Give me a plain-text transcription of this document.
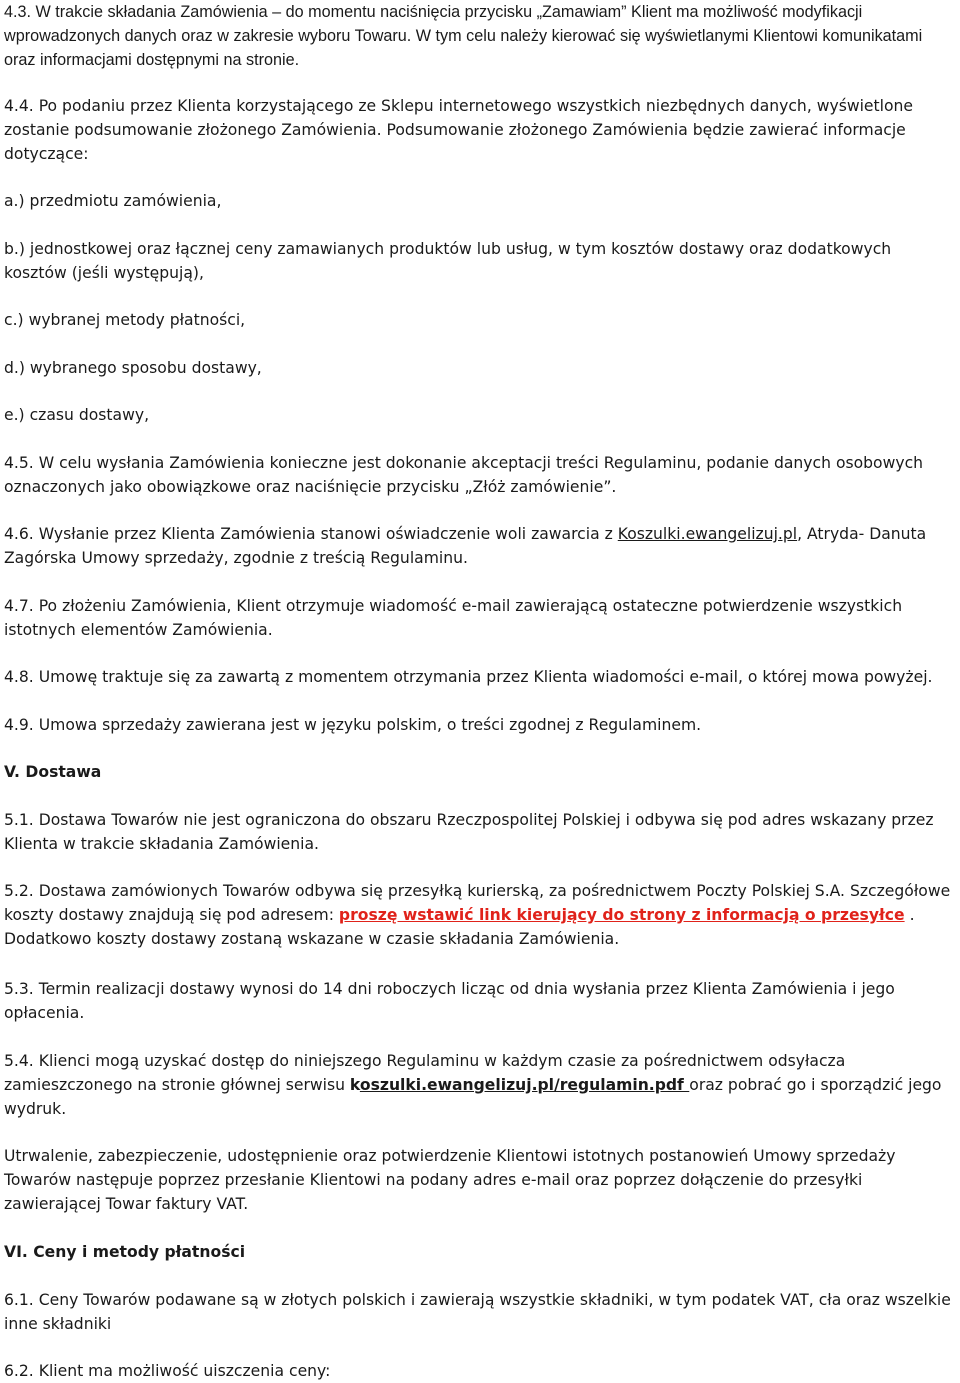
4.3. W trakcie składania Zamówienia – do momentu naciśnięcia przycisku „Zamawiam” Klient ma możliwość modyfikacji wprowadzonych danych oraz w zakresie wyboru Towaru. W tym celu należy kierować się wyświetlanymi Klientowi komunikatami oraz informacjami dostępnymi na stronie.

4.4. Po podaniu przez Klienta korzystającego ze Sklepu internetowego wszystkich niezbędnych danych, wyświetlone zostanie podsumowanie złożonego Zamówienia. Podsumowanie złożonego Zamówienia będzie zawierać informacje dotyczące:

a.) przedmiotu zamówienia,

b.) jednostkowej oraz łącznej ceny zamawianych produktów lub usług, w tym kosztów dostawy oraz dodatkowych kosztów (jeśli występują),

c.) wybranej metody płatności,

d.) wybranego sposobu dostawy,

e.) czasu dostawy,

4.5. W celu wysłania Zamówienia konieczne jest dokonanie akceptacji treści Regulaminu, podanie danych osobowych oznaczonych jako obowiązkowe oraz naciśnięcie przycisku „Złóż zamówienie”.

4.6. Wysłanie przez Klienta Zamówienia stanowi oświadczenie woli zawarcia z Koszulki.ewangelizuj.pl, Atryda- Danuta Zagórska Umowy sprzedaży, zgodnie z treścią Regulaminu.

4.7. Po złożeniu Zamówienia, Klient otrzymuje wiadomość e-mail zawierającą ostateczne potwierdzenie wszystkich istotnych elementów Zamówienia.

4.8. Umowę traktuje się za zawartą z momentem otrzymania przez Klienta wiadomości e-mail, o której mowa powyżej.

4.9. Umowa sprzedaży zawierana jest w języku polskim, o treści zgodnej z Regulaminem.

V. Dostawa

5.1. Dostawa Towarów nie jest ograniczona do obszaru Rzeczpospolitej Polskiej i odbywa się pod adres wskazany przez Klienta w trakcie składania Zamówienia.

5.2. Dostawa zamówionych Towarów odbywa się przesyłką kurierską, za pośrednictwem Poczty Polskiej S.A. Szczegółowe koszty dostawy znajdują się pod adresem: proszę wstawić link kierujący do strony z informacją o przesyłce . Dodatkowo koszty dostawy zostaną wskazane w czasie składania Zamówienia.

5.3. Termin realizacji dostawy wynosi do 14 dni roboczych licząc od dnia wysłania przez Klienta Zamówienia i jego opłacenia.

5.4. Klienci mogą uzyskać dostęp do niniejszego Regulaminu w każdym czasie za pośrednictwem odsyłacza zamieszczonego na stronie głównej serwisu koszulki.ewangelizuj.pl/regulamin.pdf oraz pobrać go i sporządzić jego wydruk.

Utrwalenie, zabezpieczenie, udostępnienie oraz potwierdzenie Klientowi istotnych postanowień Umowy sprzedaży Towarów następuje poprzez przesłanie Klientowi na podany adres e-mail oraz poprzez dołączenie do przesyłki zawierającej Towar faktury VAT.

VI. Ceny i metody płatności

6.1. Ceny Towarów podawane są w złotych polskich i zawierają wszystkie składniki, w tym podatek VAT, cła oraz wszelkie inne składniki

6.2. Klient ma możliwość uiszczenia ceny:
